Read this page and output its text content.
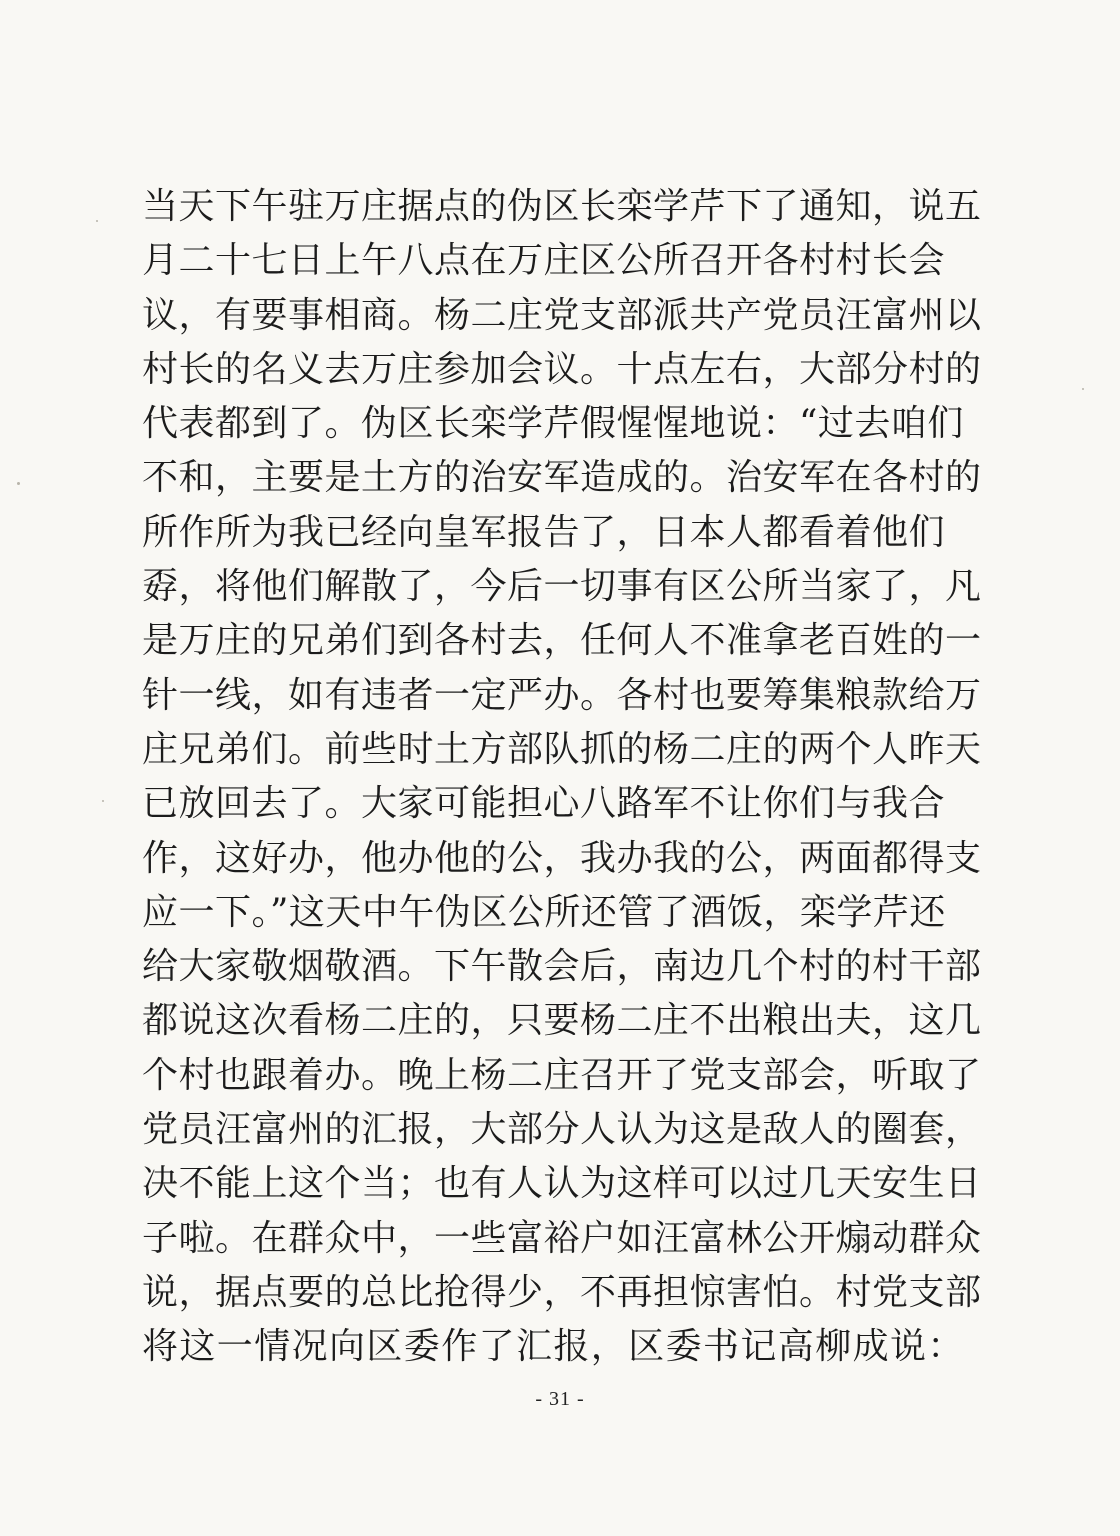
当天下午驻万庄据点的伪区长栾学芹下了通知，说五
月二十七日上午八点在万庄区公所召开各村村长会
议，有要事相商。杨二庄党支部派共产党员汪富州以
村长的名义去万庄参加会议。十点左右，大部分村的
代表都到了。伪区长栾学芹假惺惺地说：“过去咱们
不和，主要是土方的治安军造成的。治安军在各村的
所作所为我已经向皇军报告了，日本人都看着他们
孬，将他们解散了，今后一切事有区公所当家了，凡
是万庄的兄弟们到各村去，任何人不准拿老百姓的一
针一线，如有违者一定严办。各村也要筹集粮款给万
庄兄弟们。前些时土方部队抓的杨二庄的两个人昨天
已放回去了。大家可能担心八路军不让你们与我合
作，这好办，他办他的公，我办我的公，两面都得支
应一下。”这天中午伪区公所还管了酒饭，栾学芹还
给大家敬烟敬酒。下午散会后，南边几个村的村干部
都说这次看杨二庄的，只要杨二庄不出粮出夫，这几
个村也跟着办。晚上杨二庄召开了党支部会，听取了
党员汪富州的汇报，大部分人认为这是敌人的圈套，
决不能上这个当；也有人认为这样可以过几天安生日
子啦。在群众中，一些富裕户如汪富林公开煽动群众
说，据点要的总比抢得少，不再担惊害怕。村党支部
将这一情况向区委作了汇报，区委书记高柳成说：
- 31 -
